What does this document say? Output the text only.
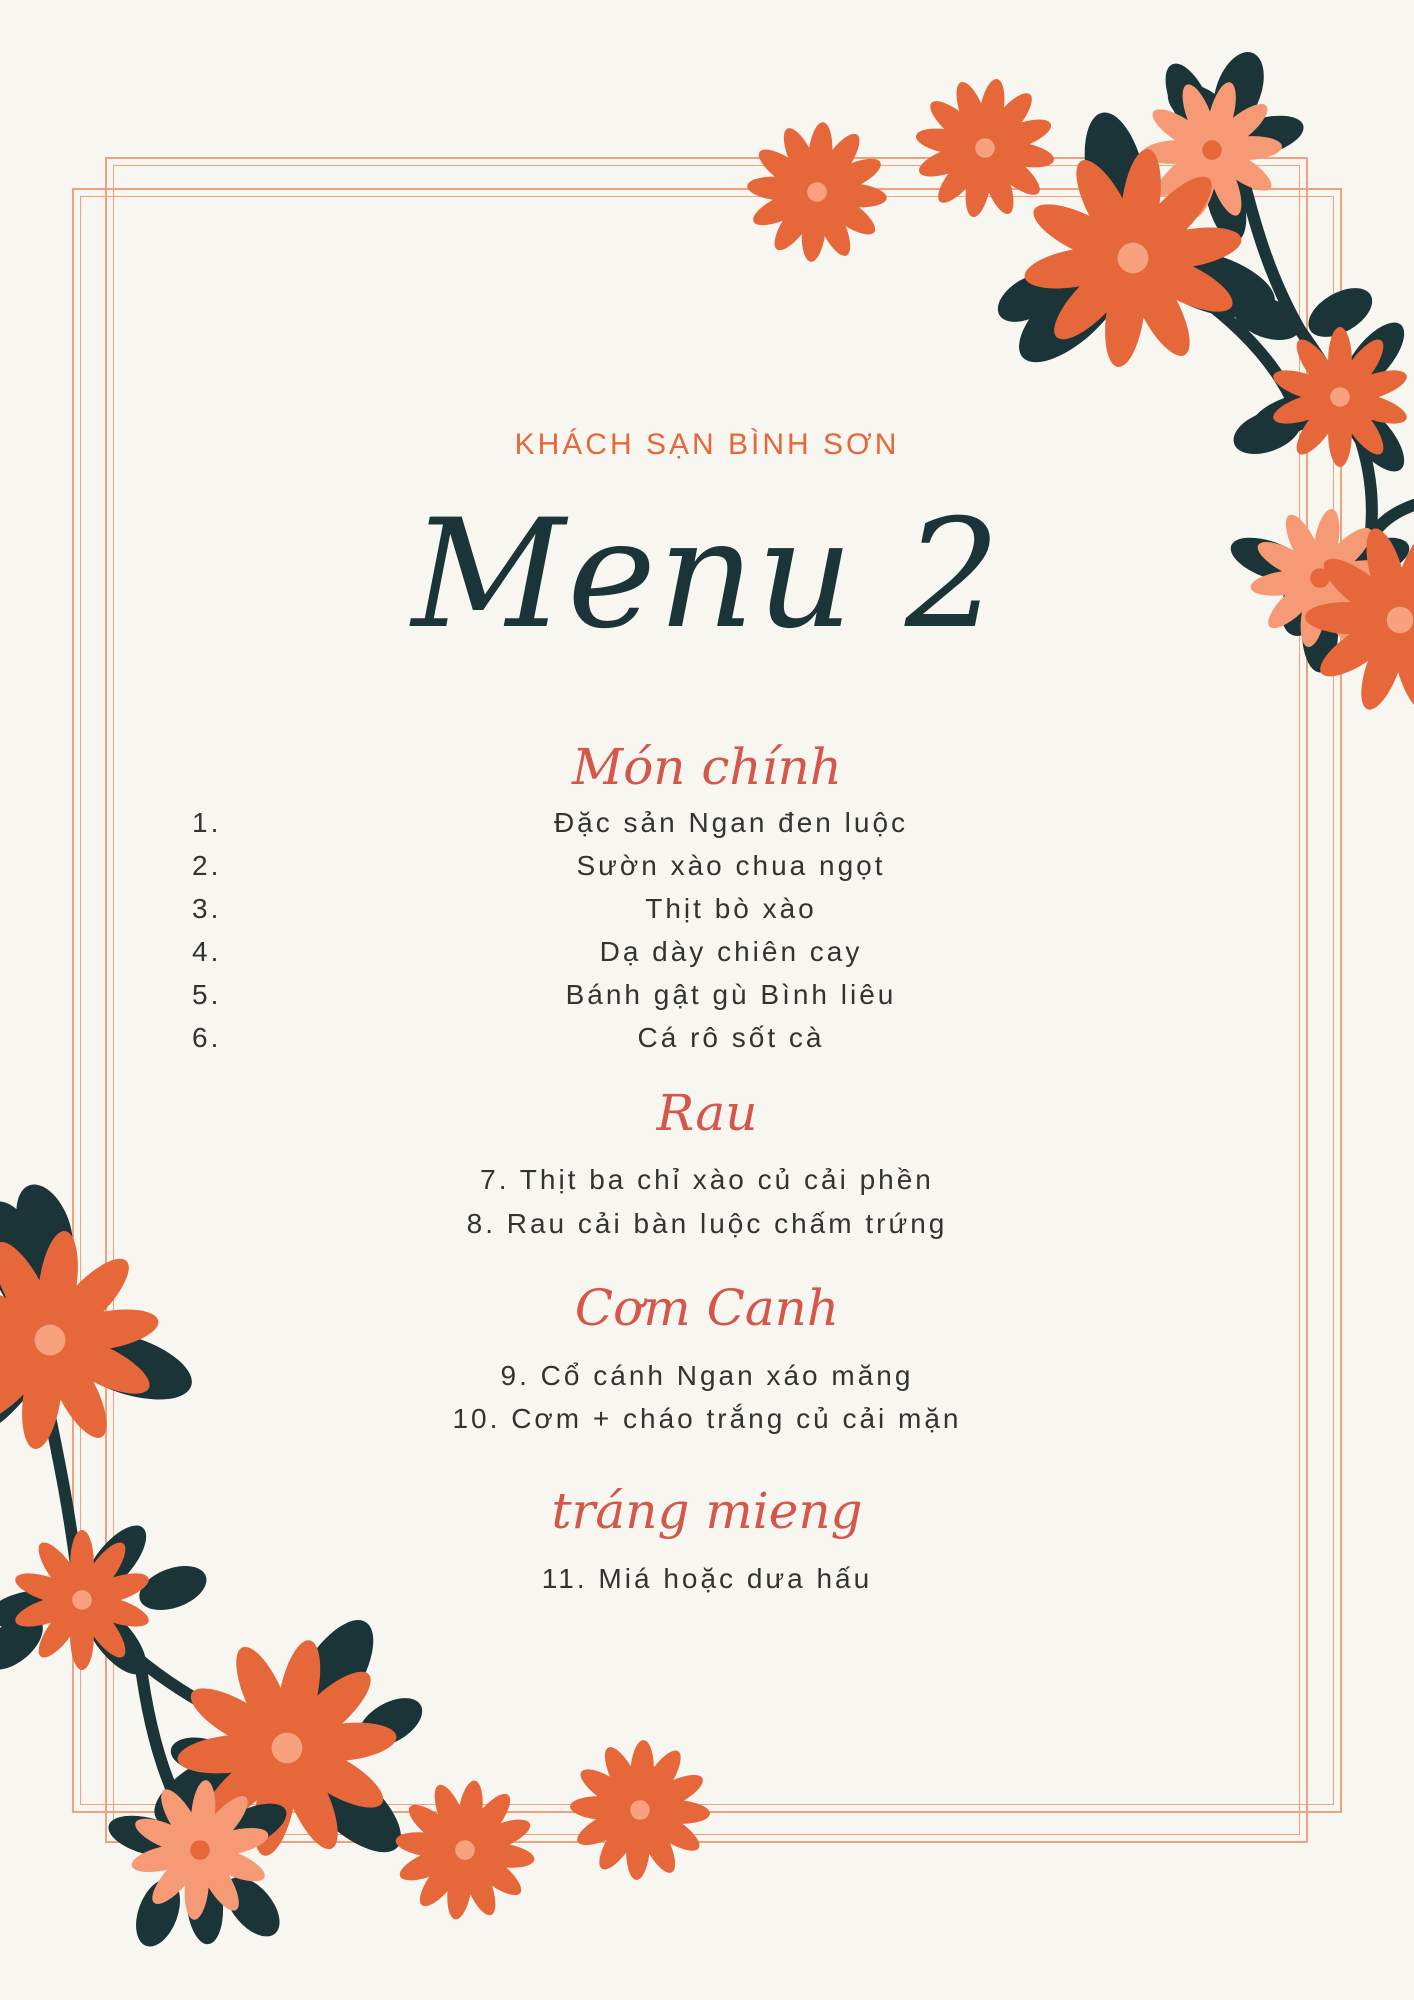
KHÁCH SẠN BÌNH SƠN
Menu 2
Món chính
1.	Đặc sản Ngan đen luộc
2.	Sườn xào chua ngọt
3.	Thịt bò xào
4.	Dạ dày chiên cay
5.	Bánh gật gù Bình liêu
6.	Cá rô sốt cà
Rau
7. Thịt ba chỉ xào củ cải phền
8. Rau cải bàn luộc chấm trứng
Cơm Canh
9. Cổ cánh Ngan xáo măng
10. Cơm + cháo trắng củ cải mặn
tráng mieng
11. Miá hoặc dưa hấu
